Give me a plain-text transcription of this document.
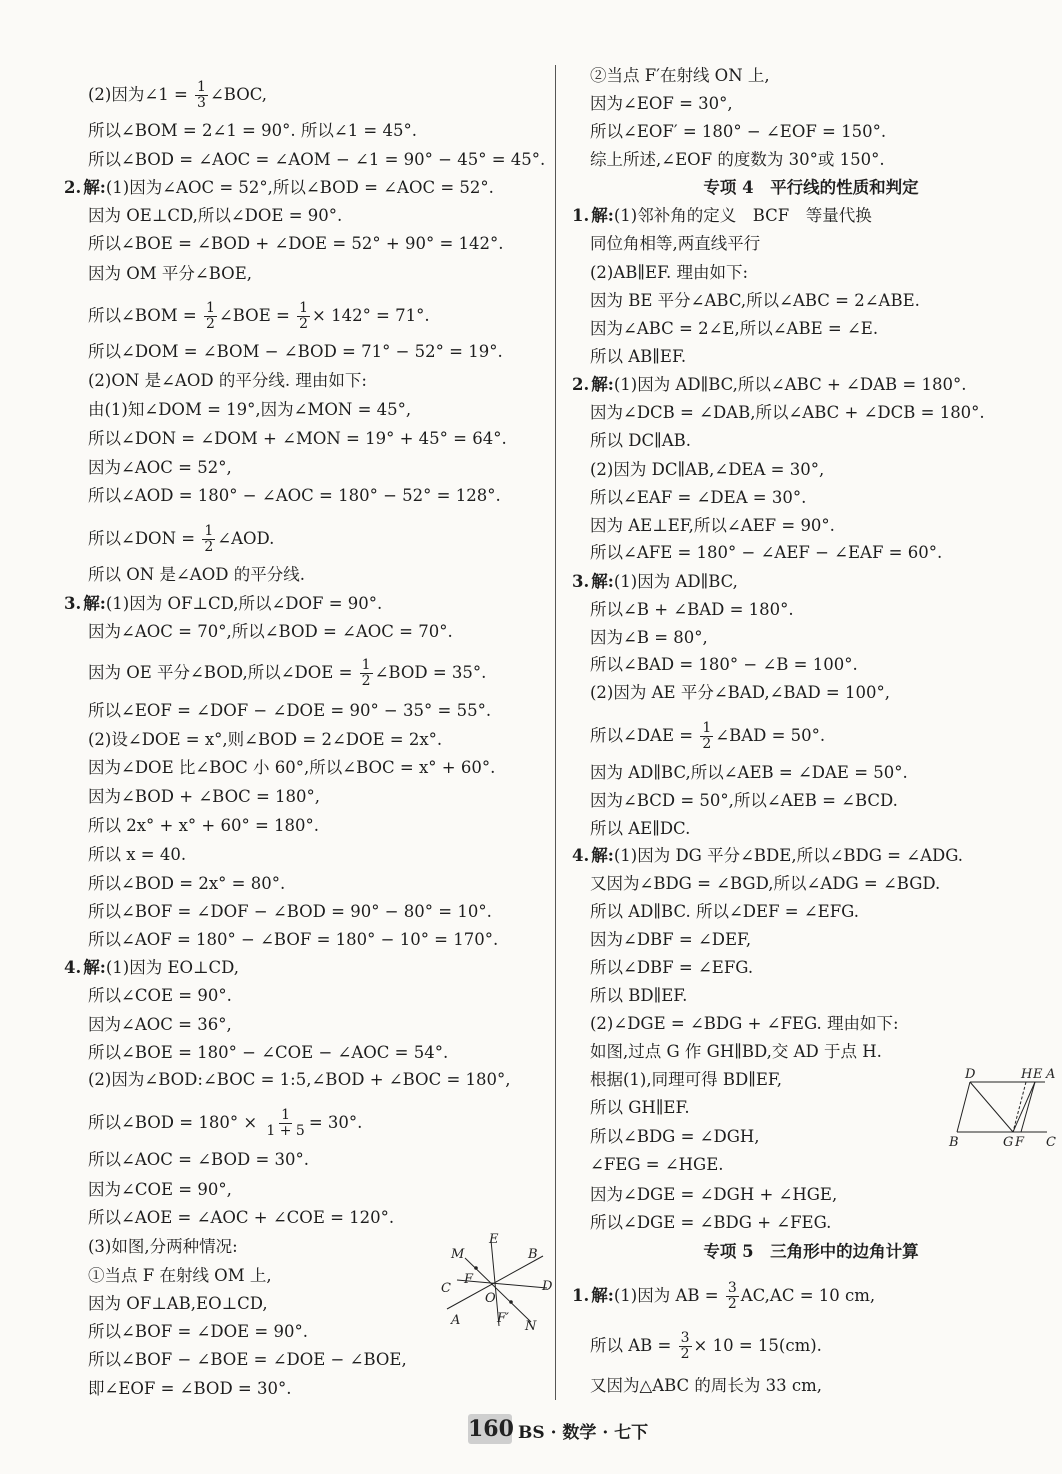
(2)因为∠1 = $\frac{1}{3}$ ∠BOC,
所以∠BOM = 2∠1 = 90°. 所以∠1 = 45°.
所以∠BOD = ∠AOC = ∠AOM − ∠1 = 90° − 45° = 45°.
2. 解:(1)因为∠AOC = 52°,所以∠BOD = ∠AOC = 52°.
因为 OE⊥CD,所以∠DOE = 90°.
所以∠BOE = ∠BOD + ∠DOE = 52° + 90° = 142°.
因为 OM 平分∠BOE,
所以∠BOM = $\frac{1}{2}$ ∠BOE = $\frac{1}{2} \times 142^\circ = 71^\circ$.
所以∠DOM = ∠BOM − ∠BOD = 71° − 52° = 19°.
(2)ON 是∠AOD 的平分线. 理由如下:
由(1)知∠DOM = 19°,因为∠MON = 45°,
所以∠DON = ∠DOM + ∠MON = 19° + 45° = 64°.
因为∠AOC = 52°,
所以∠AOD = 180° − ∠AOC = 180° − 52° = 128°.
所以∠DON = $\frac{1}{2}$ ∠AOD.
所以 ON 是∠AOD 的平分线.
3. 解:(1)因为 OF⊥CD,所以∠DOF = 90°.
因为∠AOC = 70°,所以∠BOD = ∠AOC = 70°.
因为 OE 平分∠BOD,所以∠DOE = $\frac{1}{2}$ ∠BOD = 35°.
所以∠EOF = ∠DOF − ∠DOE = 90° − 35° = 55°.
(2)设∠DOE = x°,则∠BOD = 2∠DOE = 2x°.
因为∠DOE 比∠BOC 小 60°,所以∠BOC = x° + 60°.
因为∠BOD + ∠BOC = 180°,
所以 2x° + x° + 60° = 180°.
所以 x = 40.
所以∠BOD = 2x° = 80°.
所以∠BOF = ∠DOF − ∠BOD = 90° − 80° = 10°.
所以∠AOF = 180° − ∠BOF = 180° − 10° = 170°.
4. 解:(1)因为 EO⊥CD,
所以∠COE = 90°.
因为∠AOC = 36°,
所以∠BOE = 180° − ∠COE − ∠AOC = 54°.
(2)因为∠BOD:∠BOC = 1:5,∠BOD + ∠BOC = 180°,
所以∠BOD = $180^\circ \times \frac{1}{1 + 5} = 30^\circ$.
所以∠AOC = ∠BOD = 30°.
因为∠COE = 90°,
所以∠AOE = ∠AOC + ∠COE = 120°.
(3)如图,分两种情况:
①当点 F 在射线 OM 上,
因为 OF⊥AB,EO⊥CD,
所以∠BOF = ∠DOE = 90°.
所以∠BOF − ∠BOE = ∠DOE − ∠BOE,
即∠EOF = ∠BOD = 30°.
②当点 F′在射线 ON 上,
因为∠EOF = 30°,
所以∠EOF′ = 180° − ∠EOF = 150°.
综上所述,∠EOF 的度数为 30°或 150°.
专项 4　平行线的性质和判定
1. 解:(1)邻补角的定义　BCF　等量代换
同位角相等,两直线平行
(2)AB∥EF. 理由如下:
因为 BE 平分∠ABC,所以∠ABC = 2∠ABE.
因为∠ABC = 2∠E,所以∠ABE = ∠E.
所以 AB∥EF.
2. 解:(1)因为 AD∥BC,所以∠ABC + ∠DAB = 180°.
因为∠DCB = ∠DAB,所以∠ABC + ∠DCB = 180°.
所以 DC∥AB.
(2)因为 DC∥AB,∠DEA = 30°,
所以∠EAF = ∠DEA = 30°.
因为 AE⊥EF,所以∠AEF = 90°.
所以∠AFE = 180° − ∠AEF − ∠EAF = 60°.
3. 解:(1)因为 AD∥BC,
所以∠B + ∠BAD = 180°.
因为∠B = 80°,
所以∠BAD = 180° − ∠B = 100°.
(2)因为 AE 平分∠BAD,∠BAD = 100°,
所以∠DAE = $\frac{1}{2}$ ∠BAD = 50°.
因为 AD∥BC,所以∠AEB = ∠DAE = 50°.
因为∠BCD = 50°,所以∠AEB = ∠BCD.
所以 AE∥DC.
4. 解:(1)因为 DG 平分∠BDE,所以∠BDG = ∠ADG.
又因为∠BDG = ∠BGD,所以∠ADG = ∠BGD.
所以 AD∥BC. 所以∠DEF = ∠EFG.
因为∠DBF = ∠DEF,
所以∠DBF = ∠EFG.
所以 BD∥EF.
(2)∠DGE = ∠BDG + ∠FEG. 理由如下:
如图,过点 G 作 GH∥BD,交 AD 于点 H.
根据(1),同理可得 BD∥EF,
所以 GH∥EF.
所以∠BDG = ∠DGH,
∠FEG = ∠HGE.
因为∠DGE = ∠DGH + ∠HGE,
所以∠DGE = ∠BDG + ∠FEG.
专项 5　三角形中的边角计算
1. 解:(1)因为 AB = $\frac{3}{2} AC,AC = 10$ cm,
所以 AB = $\frac{3}{2} \times 10 = 15(cm)$.
又因为△ABC 的周长为 33 cm,
E
B
M
F
C	D
O
A	F′
N
D	H E A
B	G F C
160 BS · 数学 · 七下
